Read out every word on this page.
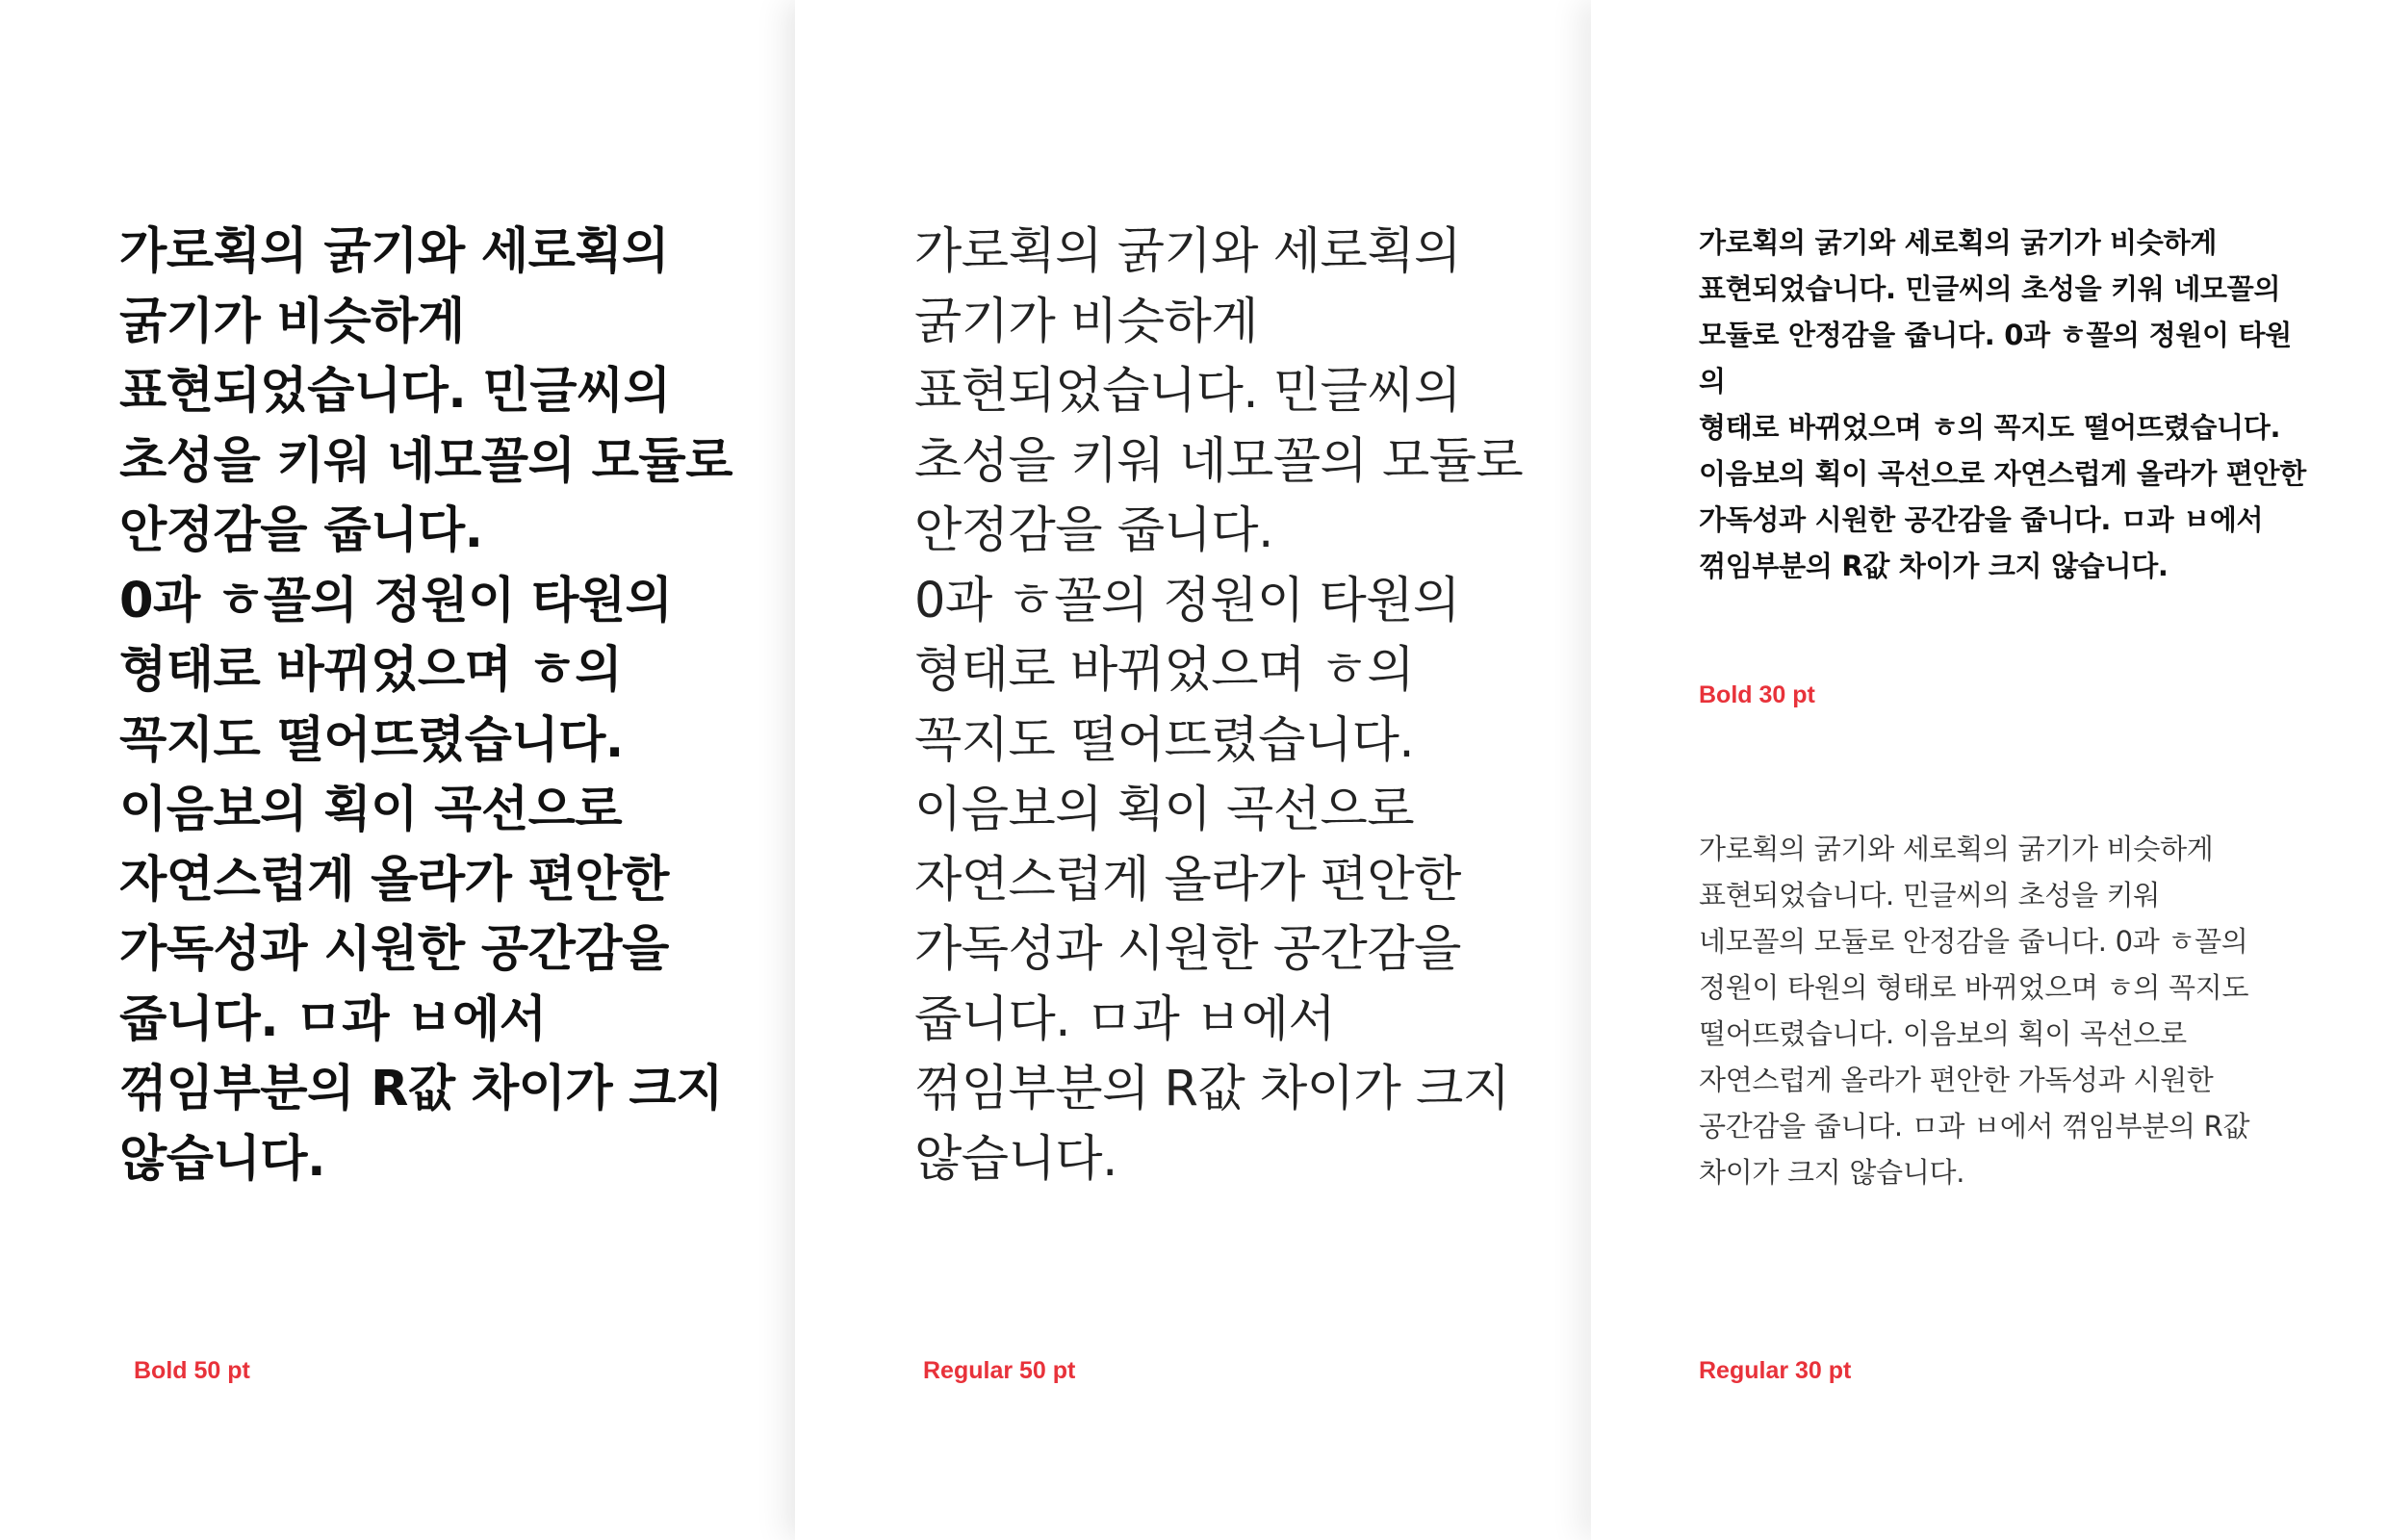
가로획의 굵기와 세로획의
굵기가 비슷하게
표현되었습니다. 민글씨의
초성을 키워 네모꼴의 모듈로
안정감을 줍니다.
0과 ㅎ꼴의 정원이 타원의
형태로 바뀌었으며 ㅎ의
꼭지도 떨어뜨렸습니다.
이음보의 획이 곡선으로
자연스럽게 올라가 편안한
가독성과 시원한 공간감을
줍니다. ㅁ과 ㅂ에서
꺾임부분의 R값 차이가 크지
않습니다.

Bold 50 pt

가로획의 굵기와 세로획의
굵기가 비슷하게
표현되었습니다. 민글씨의
초성을 키워 네모꼴의 모듈로
안정감을 줍니다.
0과 ㅎ꼴의 정원이 타원의
형태로 바뀌었으며 ㅎ의
꼭지도 떨어뜨렸습니다.
이음보의 획이 곡선으로
자연스럽게 올라가 편안한
가독성과 시원한 공간감을
줍니다. ㅁ과 ㅂ에서
꺾임부분의 R값 차이가 크지
않습니다.

Regular 50 pt

가로획의 굵기와 세로획의 굵기가 비슷하게
표현되었습니다. 민글씨의 초성을 키워 네모꼴의
모듈로 안정감을 줍니다. 0과 ㅎ꼴의 정원이 타원의
형태로 바뀌었으며 ㅎ의 꼭지도 떨어뜨렸습니다.
이음보의 획이 곡선으로 자연스럽게 올라가 편안한
가독성과 시원한 공간감을 줍니다. ㅁ과 ㅂ에서
꺾임부분의 R값 차이가 크지 않습니다.

Bold 30 pt

가로획의 굵기와 세로획의 굵기가 비슷하게
표현되었습니다. 민글씨의 초성을 키워
네모꼴의 모듈로 안정감을 줍니다. 0과 ㅎ꼴의
정원이 타원의 형태로 바뀌었으며 ㅎ의 꼭지도
떨어뜨렸습니다. 이음보의 획이 곡선으로
자연스럽게 올라가 편안한 가독성과 시원한
공간감을 줍니다. ㅁ과 ㅂ에서 꺾임부분의 R값
차이가 크지 않습니다.

Regular 30 pt
